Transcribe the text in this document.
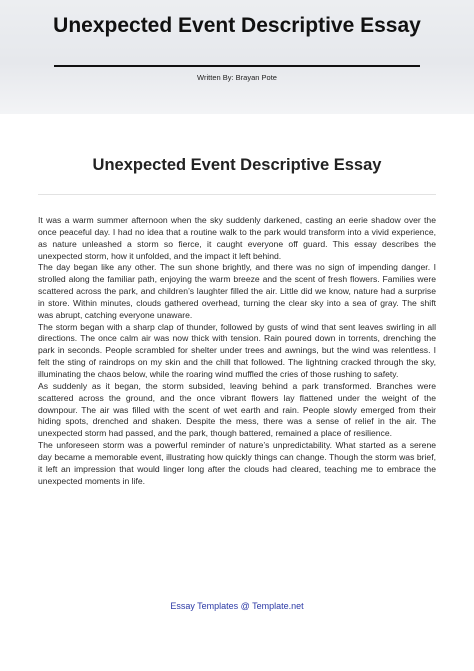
Unexpected Event Descriptive Essay
Written By: Brayan Pote
Unexpected Event Descriptive Essay

It was a warm summer afternoon when the sky suddenly darkened, casting an eerie shadow over the once peaceful day. I had no idea that a routine walk to the park would transform into a vivid experience, as nature unleashed a storm so fierce, it caught everyone off guard. This essay describes the unexpected storm, how it unfolded, and the impact it left behind.

The day began like any other. The sun shone brightly, and there was no sign of impending danger. I strolled along the familiar path, enjoying the warm breeze and the scent of fresh flowers. Families were scattered across the park, and children’s laughter filled the air. Little did we know, nature had a surprise in store. Within minutes, clouds gathered overhead, turning the clear sky into a sea of gray. The shift was abrupt, catching everyone unaware.

The storm began with a sharp clap of thunder, followed by gusts of wind that sent leaves swirling in all directions. The once calm air was now thick with tension. Rain poured down in torrents, drenching the park in seconds. People scrambled for shelter under trees and awnings, but the wind was relentless. I felt the sting of raindrops on my skin and the chill that followed. The lightning cracked through the sky, illuminating the chaos below, while the roaring wind muffled the cries of those rushing to safety.

As suddenly as it began, the storm subsided, leaving behind a park transformed. Branches were scattered across the ground, and the once vibrant flowers lay flattened under the weight of the downpour. The air was filled with the scent of wet earth and rain. People slowly emerged from their hiding spots, drenched and shaken. Despite the mess, there was a sense of relief in the air. The unexpected storm had passed, and the park, though battered, remained a place of resilience.

The unforeseen storm was a powerful reminder of nature’s unpredictability. What started as a serene day became a memorable event, illustrating how quickly things can change. Though the storm was brief, it left an impression that would linger long after the clouds had cleared, teaching me to embrace the unexpected moments in life.

Essay Templates @ Template.net
